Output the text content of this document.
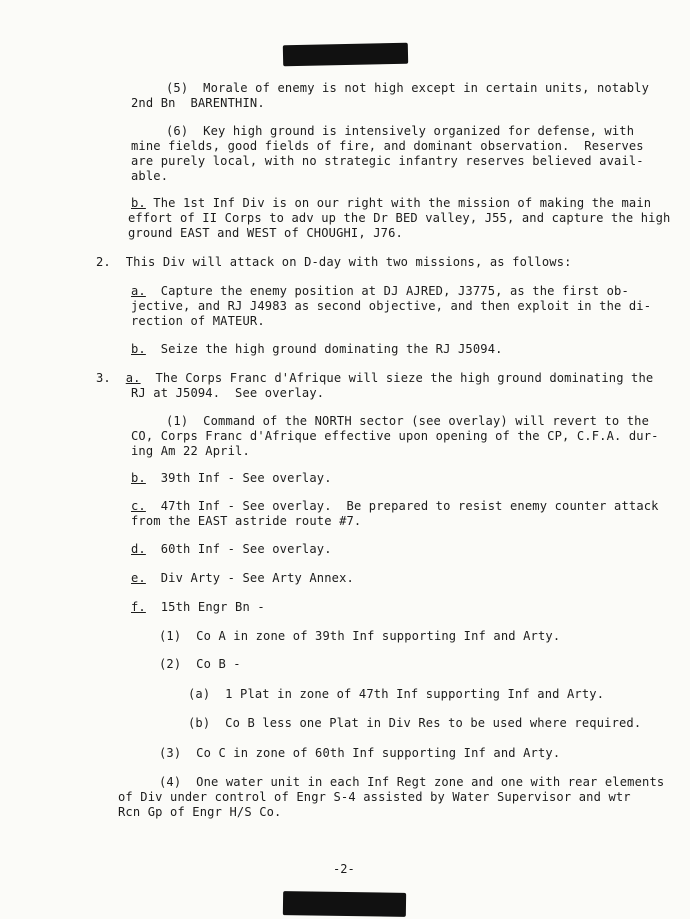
(5)  Morale of enemy is not high except in certain units, notably
2nd Bn  BARENTHIN.
(6)  Key high ground is intensively organized for defense, with
mine fields, good fields of fire, and dominant observation.  Reserves
are purely local, with no strategic infantry reserves believed avail-
able.
b. The 1st Inf Div is on our right with the mission of making the main
effort of II Corps to adv up the Dr BED valley, J55, and capture the high
ground EAST and WEST of CHOUGHI, J76.
2.  This Div will attack on D-day with two missions, as follows:
a.  Capture the enemy position at DJ AJRED, J3775, as the first ob-
jective, and RJ J4983 as second objective, and then exploit in the di-
rection of MATEUR.
b.  Seize the high ground dominating the RJ J5094.
3.  a.  The Corps Franc d'Afrique will sieze the high ground dominating the
RJ at J5094.  See overlay.
(1)  Command of the NORTH sector (see overlay) will revert to the
CO, Corps Franc d'Afrique effective upon opening of the CP, C.F.A. dur-
ing Am 22 April.
b.  39th Inf - See overlay.
c.  47th Inf - See overlay.  Be prepared to resist enemy counter attack
from the EAST astride route #7.
d.  60th Inf - See overlay.
e.  Div Arty - See Arty Annex.
f.  15th Engr Bn -
(1)  Co A in zone of 39th Inf supporting Inf and Arty.
(2)  Co B -
(a)  1 Plat in zone of 47th Inf supporting Inf and Arty.
(b)  Co B less one Plat in Div Res to be used where required.
(3)  Co C in zone of 60th Inf supporting Inf and Arty.
(4)  One water unit in each Inf Regt zone and one with rear elements
of Div under control of Engr S-4 assisted by Water Supervisor and wtr
Rcn Gp of Engr H/S Co.
-2-
